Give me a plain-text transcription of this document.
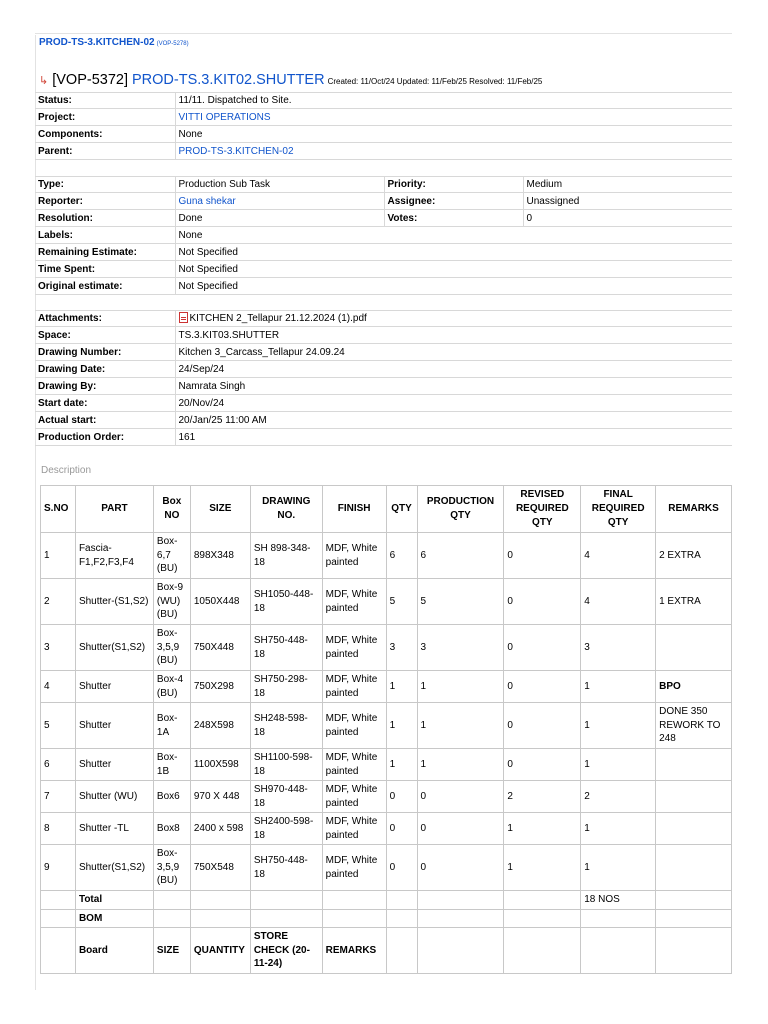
PROD-TS-3.KITCHEN-02 (VOP-5278)
↳ [VOP-5372] PROD-TS.3.KIT02.SHUTTER Created: 11/Oct/24 Updated: 11/Feb/25 Resolved: 11/Feb/25
Status:	11/11. Dispatched to Site.
Project:	VITTI OPERATIONS
Components:	None
Parent:	PROD-TS-3.KITCHEN-02
Type:	Production Sub Task	Priority:	Medium
Reporter:	Guna shekar	Assignee:	Unassigned
Resolution:	Done	Votes:	0
Labels:	None		
Remaining Estimate:	Not Specified		
Time Spent:	Not Specified		
Original estimate:	Not Specified		
Attachments:	KITCHEN 2_Tellapur 21.12.2024 (1).pdf
Space:	TS.3.KIT03.SHUTTER
Drawing Number:	Kitchen 3_Carcass_Tellapur 24.09.24
Drawing Date:	24/Sep/24
Drawing By:	Namrata Singh
Start date:	20/Nov/24
Actual start:	20/Jan/25 11:00 AM
Production Order:	161
Description
S.NO	PART	Box NO	SIZE	DRAWING NO.	FINISH	QTY	PRODUCTION QTY	REVISED REQUIRED QTY	FINAL REQUIRED QTY	REMARKS
1	Fascia-F1,F2,F3,F4	Box-6,7 (BU)	898X348	SH 898-348-18	MDF, White painted	6	6	0	4	2 EXTRA
2	Shutter-(S1,S2)	Box-9 (WU) (BU)	1050X448	SH1050-448-18	MDF, White painted	5	5	0	4	1 EXTRA
3	Shutter(S1,S2)	Box-3,5,9 (BU)	750X448	SH750-448-18	MDF, White painted	3	3	0	3	
4	Shutter	Box-4 (BU)	750X298	SH750-298-18	MDF, White painted	1	1	0	1	BPO
5	Shutter	Box-1A	248X598	SH248-598-18	MDF, White painted	1	1	0	1	DONE 350 REWORK TO 248
6	Shutter	Box-1B	1100X598	SH1100-598-18	MDF, White painted	1	1	0	1	
7	Shutter (WU)	Box6	970 X 448	SH970-448-18	MDF, White painted	0	0	2	2	
8	Shutter -TL	Box8	2400 x 598	SH2400-598-18	MDF, White painted	0	0	1	1	
9	Shutter(S1,S2)	Box-3,5,9 (BU)	750X548	SH750-448-18	MDF, White painted	0	0	1	1	
	Total								18 NOS	
	BOM									
	Board	SIZE	QUANTITY	STORE CHECK (20-11-24)	REMARKS					
